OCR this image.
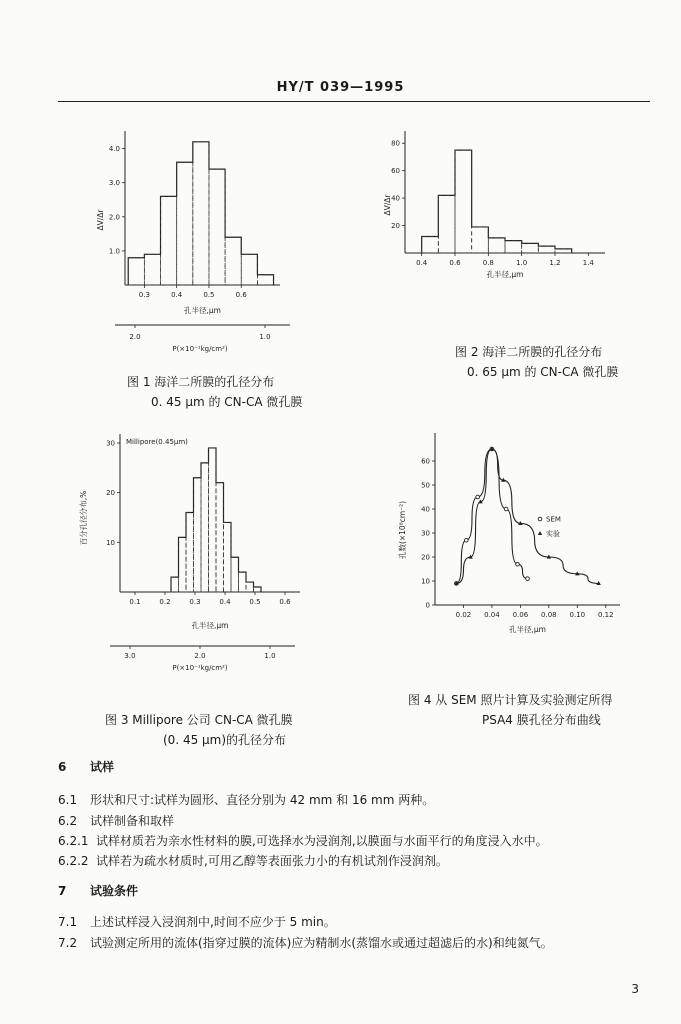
HY/T 039—1995
0.3	0.4	0.5	0.6
1.0
2.0
3.0
4.0
孔半径,μm
ΔV/Δr
2.0	1.0
P(×10⁻¹kg/cm²)
图 1 海洋二所膜的孔径分布
0. 45 μm 的 CN-CA 微孔膜
0.4	0.6	0.8	1.0	1.2	1.4
20
40
60
80
孔半径,μm
ΔV/Δr
图 2 海洋二所膜的孔径分布
0. 65 μm 的 CN-CA 微孔膜
0.1	0.2	0.3	0.4	0.5	0.6
10
20
30
孔半径,μm
百分孔径分布,%
Millipore(0.45μm)
3.0	2.0	1.0
P(×10⁻¹kg/cm²)
图 3 Millipore 公司 CN-CA 微孔膜
(0. 45 μm)的孔径分布
0.02 0.04 0.06 0.08 0.10 0.12
0
10
20
30
40
50
60
孔半径,μm
孔数(×10⁸cm⁻²)	SEM
实验
图 4 从 SEM 照片计算及实验测定所得
PSA4 膜孔径分布曲线
6 试样
6.1 形状和尺寸:试样为圆形、直径分别为 42 mm 和 16 mm 两种。
6.2 试样制备和取样
6.2.1 试样材质若为亲水性材料的膜,可选择水为浸润剂,以膜面与水面平行的角度浸入水中。
6.2.2 试样若为疏水材质时,可用乙醇等表面张力小的有机试剂作浸润剂。
7 试验条件
7.1 上述试样浸入浸润剂中,时间不应少于 5 min。
7.2 试验测定所用的流体(指穿过膜的流体)应为精制水(蒸馏水或通过超滤后的水)和纯氮气。
3
